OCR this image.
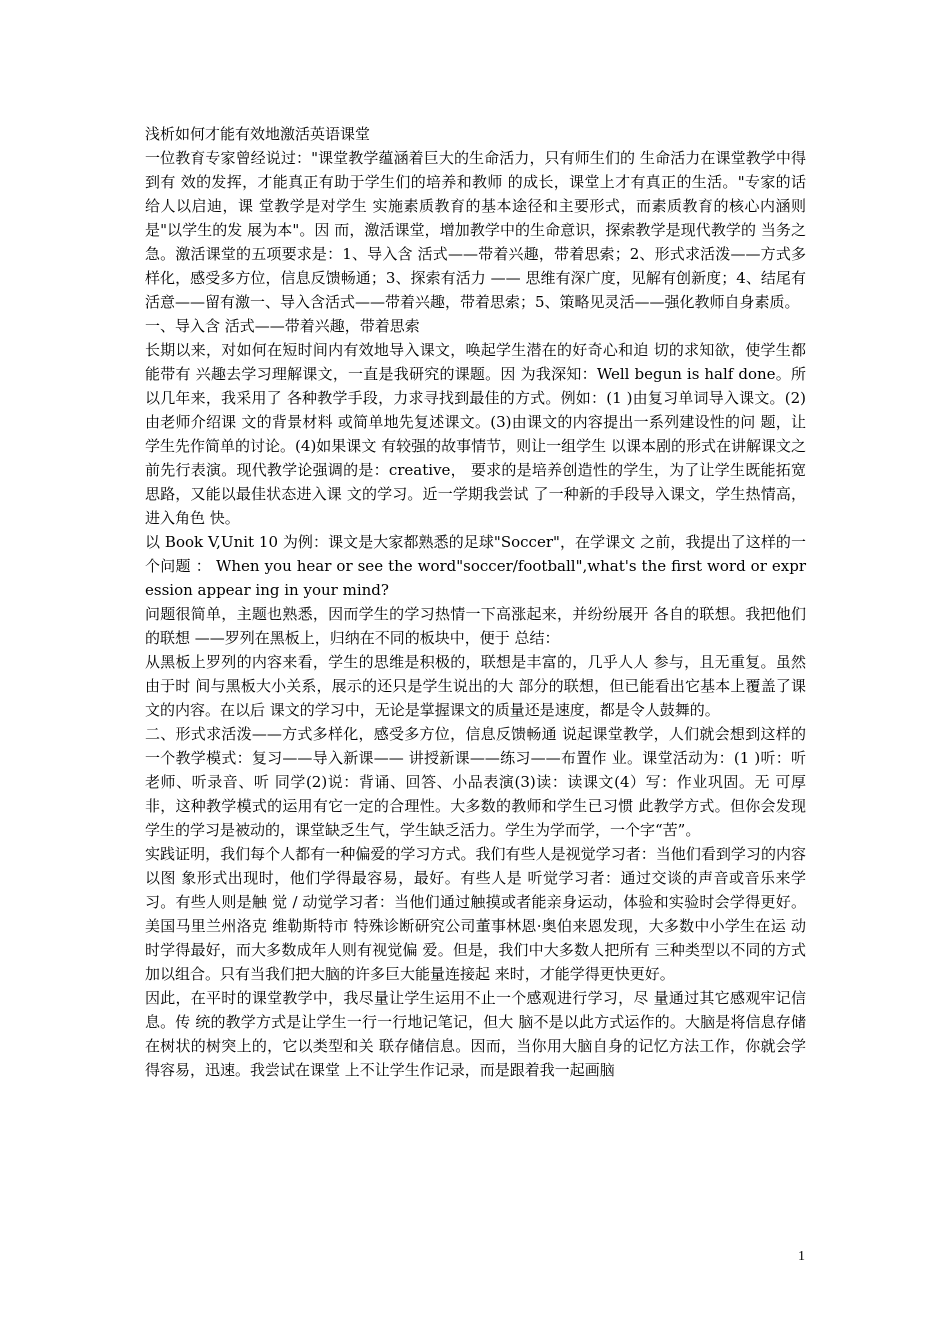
浅析如何才能有效地激活英语课堂

一位教育专家曾经说过："课堂教学蕴涵着巨大的生命活力，只有师生们的 生命活力在课堂教学中得到有 效的发挥，才能真正有助于学生们的培养和教师 的成长，课堂上才有真正的生活。"专家的话给人以启迪，课 堂教学是对学生 实施素质教育的基本途径和主要形式，而素质教育的核心内涵则是"以学生的发 展为本"。因 而，激活课堂，增加教学中的生命意识，探索教学是现代教学的 当务之急。激活课堂的五项要求是：1、导入含 活式——带着兴趣，带着思索；2、形式求活泼——方式多样化，感受多方位，信息反馈畅通；3、探索有活力 —— 思维有深广度，见解有创新度；4、结尾有活意——留有激一、导入含活式——带着兴趣，带着思索；5、策略见灵活——强化教师自身素质。

一、导入含 活式——带着兴趣，带着思索

长期以来，对如何在短时间内有效地导入课文，唤起学生潜在的好奇心和迫 切的求知欲，使学生都能带有 兴趣去学习理解课文，一直是我研究的课题。因 为我深知：Well begun is half done。所以几年来，我采用了 各种教学手段，力求寻找到最佳的方式。例如：(1 )由复习单词导入课文。(2)由老师介绍课 文的背景材料 或简单地先复述课文。(3)由课文的内容提出一系列建设性的问 题，让学生先作简单的讨论。(4)如果课文 有较强的故事情节，则让一组学生 以课本剧的形式在讲解课文之前先行表演。现代教学论强调的是：creative， 要求的是培养创造性的学生，为了让学生既能拓宽思路，又能以最佳状态进入课 文的学习。近一学期我尝试 了一种新的手段导入课文，学生热情高，进入角色 快。

以 Book V,Unit 10 为例：课文是大家都熟悉的足球"Soccer"，在学课文 之前，我提出了这样的一个问题 ： When you hear or see the word"soccer/football",what's the first word or expression appear ing in your mind?

问题很简单，主题也熟悉，因而学生的学习热情一下高涨起来，并纷纷展开 各自的联想。我把他们的联想 ——罗列在黑板上，归纳在不同的板块中，便于 总结：

从黑板上罗列的内容来看，学生的思维是积极的，联想是丰富的，几乎人人 参与，且无重复。虽然由于时 间与黑板大小关系，展示的还只是学生说出的大 部分的联想，但已能看出它基本上覆盖了课文的内容。在以后 课文的学习中，无论是掌握课文的质量还是速度，都是令人鼓舞的。

二、形式求活泼——方式多样化，感受多方位，信息反馈畅通 说起课堂教学，人们就会想到这样的一个教学模式：复习——导入新课—— 讲授新课——练习——布置作 业。课堂活动为：(1 )听：听老师、听录音、听 同学(2)说：背诵、回答、小品表演(3)读：读课文(4）写：作业巩固。无 可厚非，这种教学模式的运用有它一定的合理性。大多数的教师和学生已习惯 此教学方式。但你会发现学生的学习是被动的，课堂缺乏生气，学生缺乏活力。学生为学而学，一个字“苦”。

实践证明，我们每个人都有一种偏爱的学习方式。我们有些人是视觉学习者：当他们看到学习的内容以图 象形式出现时，他们学得最容易，最好。有些人是 听觉学习者：通过交谈的声音或音乐来学习。有些人则是触 觉 / 动觉学习者：当他们通过触摸或者能亲身运动，体验和实验时会学得更好。美国马里兰州洛克 维勒斯特市 特殊诊断研究公司董事林恩·奥伯来恩发现，大多数中小学生在运 动时学得最好，而大多数成年人则有视觉偏 爱。但是，我们中大多数人把所有 三种类型以不同的方式加以组合。只有当我们把大脑的许多巨大能量连接起 来时，才能学得更快更好。

因此，在平时的课堂教学中，我尽量让学生运用不止一个感观进行学习，尽 量通过其它感观牢记信息。传 统的教学方式是让学生一行一行地记笔记，但大 脑不是以此方式运作的。大脑是将信息存储在树状的树突上的，它以类型和关 联存储信息。因而，当你用大脑自身的记忆方法工作，你就会学得容易，迅速。我尝试在课堂 上不让学生作记录，而是跟着我一起画脑

1
